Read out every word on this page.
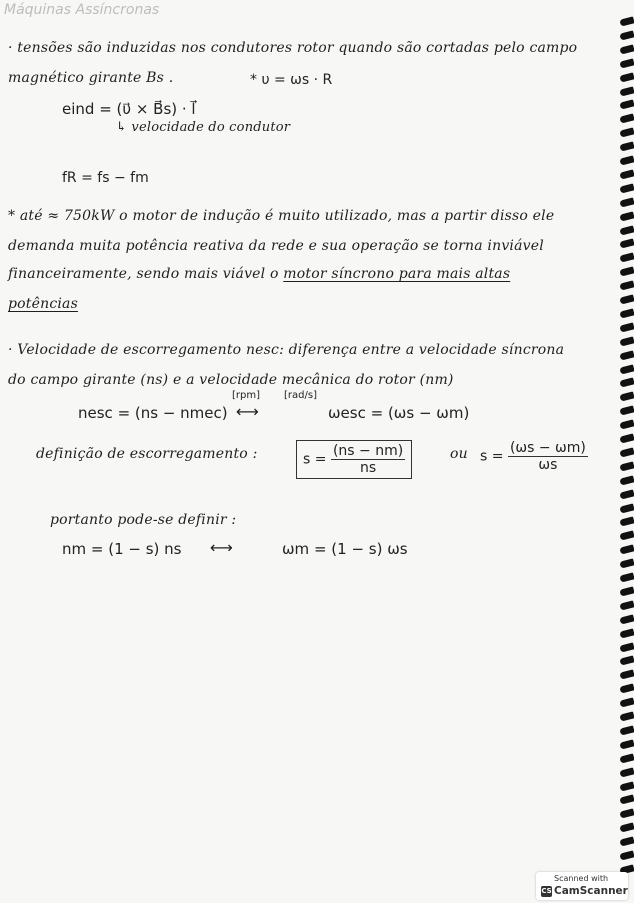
Máquinas Assíncronas
· tensões são induzidas nos condutores rotor quando são cortadas pelo campo
magnético girante Bs .	* υ = ωs · R
eind = (υ⃗ × B⃗s) · l⃗
↳ velocidade do condutor
fR = fs − fm
* até ≈ 750kW o motor de indução é muito utilizado, mas a partir disso ele
demanda muita potência reativa da rede e sua operação se torna inviável
financeiramente, sendo mais viável o motor síncrono para mais altas
potências
· Velocidade de escorregamento nesc: diferença entre a velocidade síncrona
do campo girante (ns) e a velocidade mecânica do rotor (nm)
[rpm] [rad/s]
nesc = (ns − nmec) ⟷	ωesc = (ωs − ωm)
definição de escorregamento :	$s = \frac{(ns - nm)}{ns}$	ou $s = \frac{(\omega s - \omega m)}{\omega s}$
portanto pode-se definir :
nm = (1 − s) ns ⟷	ωm = (1 − s) ωs
Scanned with
CS CamScanner
